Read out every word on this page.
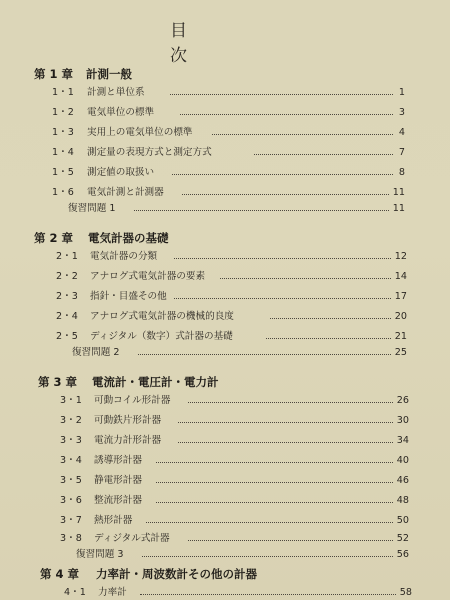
目　次
第 1 章 計測一般
1・1 計測と単位系	1
1・2 電気単位の標準	3
1・3 実用上の電気単位の標準	4
1・4 測定量の表現方式と測定方式	7
1・5 測定値の取扱い	8
1・6 電気計測と計測器	11
復習問題 1	11
第 2 章 電気計器の基礎
2・1 電気計器の分類	12
2・2 アナログ式電気計器の要素	14
2・3 指針・目盛その他	17
2・4 アナログ式電気計器の機械的良度	20
2・5 ディジタル（数字）式計器の基礎	21
復習問題 2	25
第 3 章 電流計・電圧計・電力計
3・1 可動コイル形計器	26
3・2 可動鉄片形計器	30
3・3 電流力計形計器	34
3・4 誘導形計器	40
3・5 静電形計器	46
3・6 整流形計器	48
3・7 熱形計器	50
3・8 ディジタル式計器	52
復習問題 3	56
第 4 章 力率計・周波数計その他の計器
4・1 力率計	58
